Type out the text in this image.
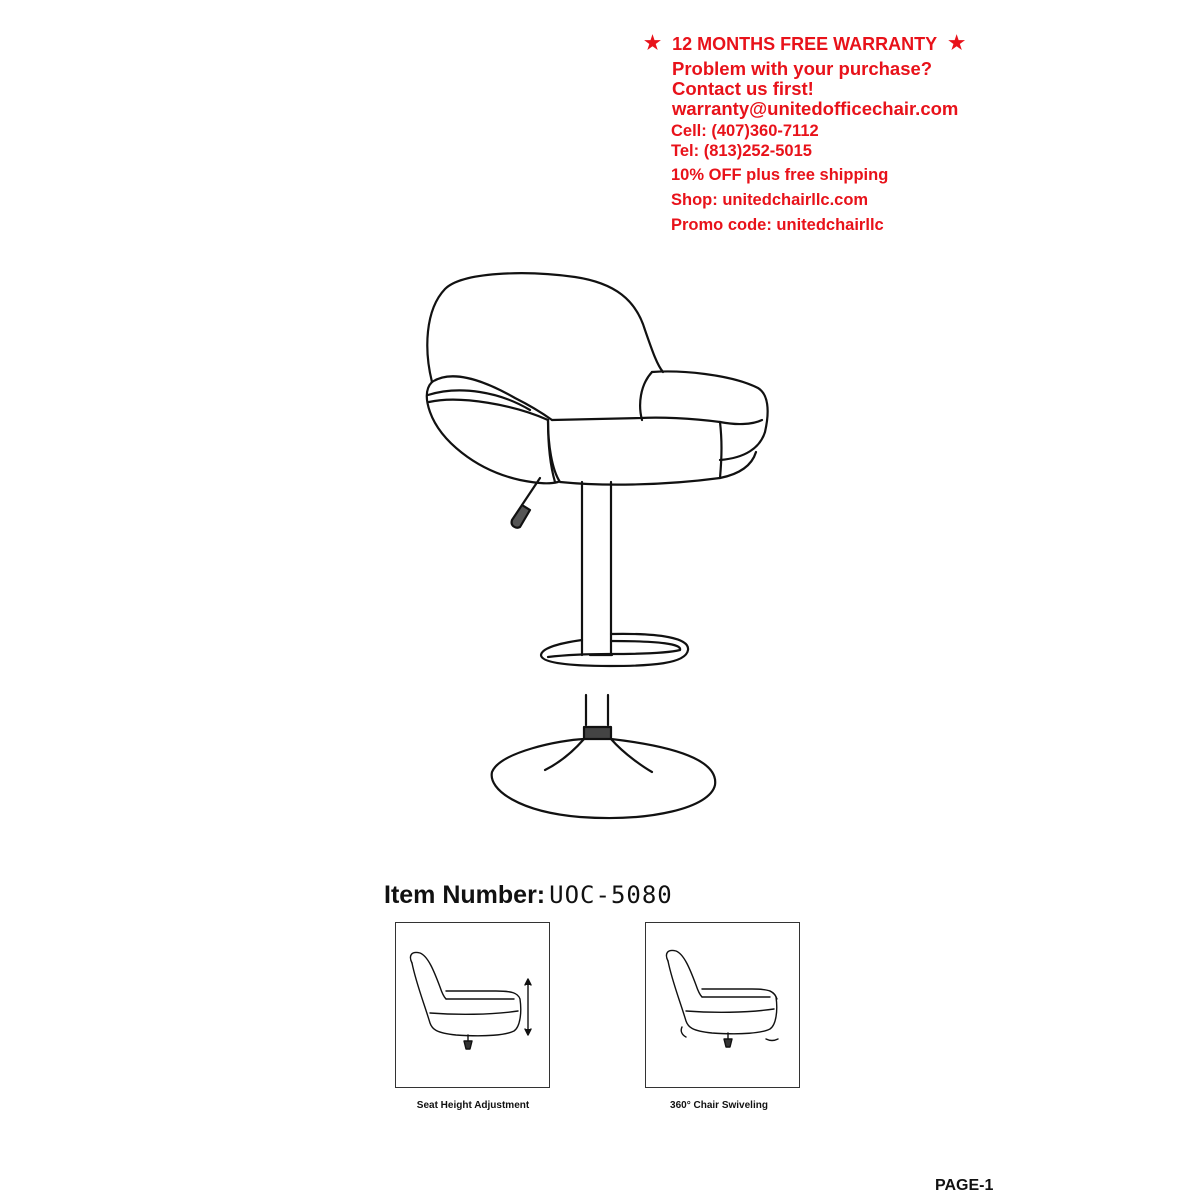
★ 12 MONTHS FREE WARRANTY ★
Problem with your purchase?
Contact us first!
warranty@unitedofficechair.com
Cell: (407)360-7112
Tel: (813)252-5015
10% OFF plus free shipping
Shop: unitedchairllc.com
Promo code: unitedchairllc
Item Number: UOC-5080
Seat Height Adjustment	360° Chair Swiveling
PAGE-1
